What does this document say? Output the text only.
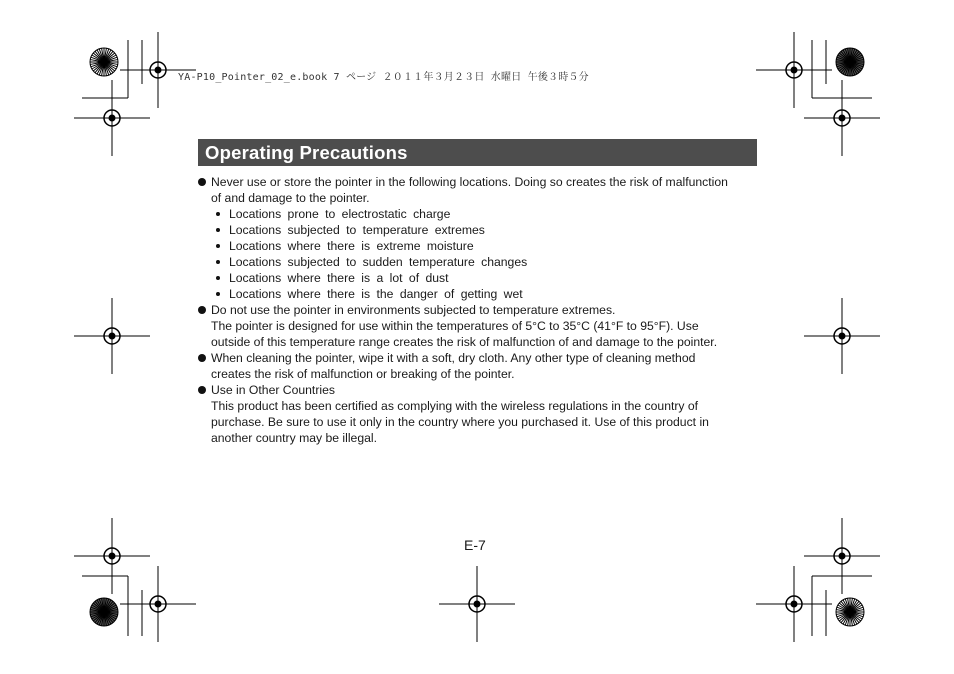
YA-P10_Pointer_02_e.book 7 ページ ２０１１年３月２３日 水曜日 午後３時５分
Operating Precautions

Never use or store the pointer in the following locations. Doing so creates the risk of malfunction

of and damage to the pointer.

Locations prone to electrostatic charge
Locations subjected to temperature extremes
Locations where there is extreme moisture
Locations subjected to sudden temperature changes
Locations where there is a lot of dust
Locations where there is the danger of getting wet

Do not use the pointer in environments subjected to temperature extremes.

The pointer is designed for use within the temperatures of 5°C to 35°C (41°F to 95°F). Use

outside of this temperature range creates the risk of malfunction of and damage to the pointer.

When cleaning the pointer, wipe it with a soft, dry cloth. Any other type of cleaning method

creates the risk of malfunction or breaking of the pointer.

Use in Other Countries

This product has been certified as complying with the wireless regulations in the country of

purchase. Be sure to use it only in the country where you purchased it. Use of this product in

another country may be illegal.

E-7
